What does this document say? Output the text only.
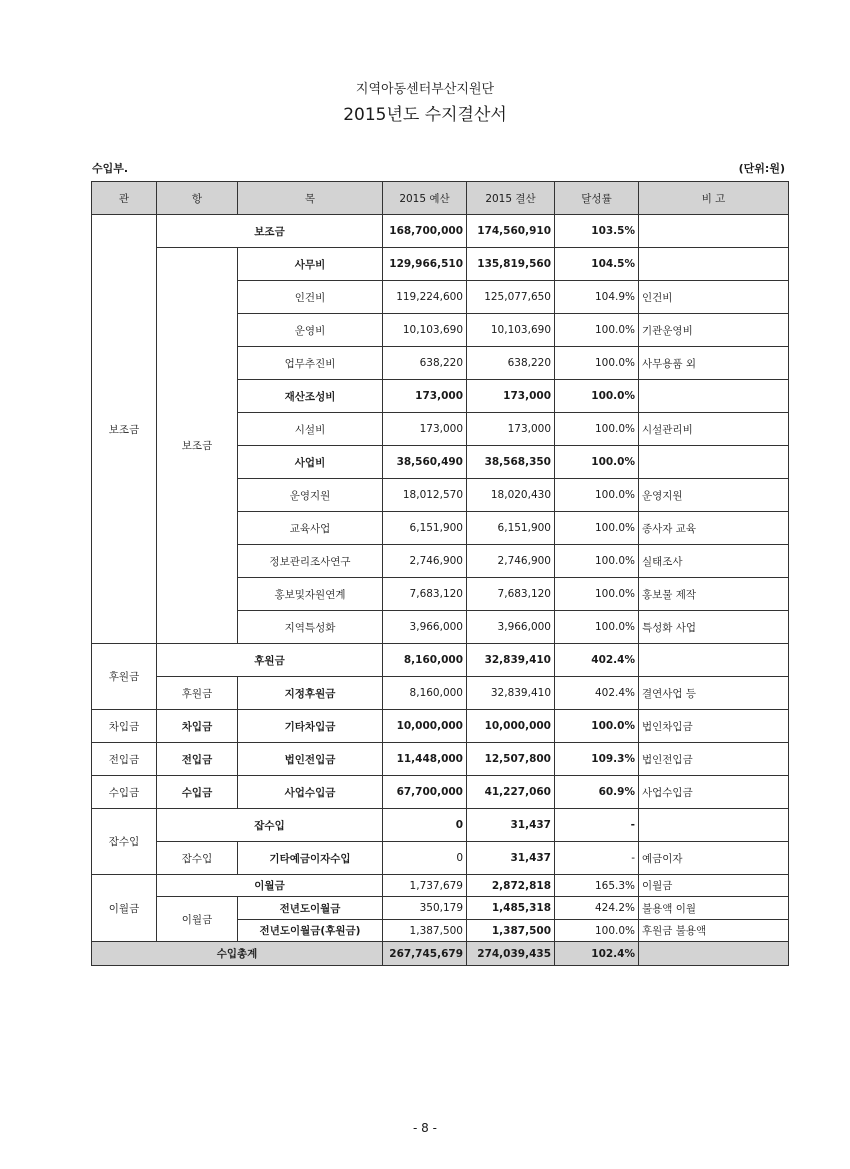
지역아동센터부산지원단
2015년도 수지결산서
수입부.	(단위:원)
관	항	목	2015 예산	2015 결산	달성률	비 고
보조금	보조금		168,700,000	174,560,910	103.5%	
	보조금	사무비	129,966,510	135,819,560	104.5%	
		인건비	119,224,600	125,077,650	104.9%	인건비
		운영비	10,103,690	10,103,690	100.0%	기관운영비
		업무추진비	638,220	638,220	100.0%	사무용품 외
		재산조성비	173,000	173,000	100.0%	
		시설비	173,000	173,000	100.0%	시설관리비
		사업비	38,560,490	38,568,350	100.0%	
		운영지원	18,012,570	18,020,430	100.0%	운영지원
		교육사업	6,151,900	6,151,900	100.0%	종사자 교육
		정보관리조사연구	2,746,900	2,746,900	100.0%	실태조사
		홍보및자원연계	7,683,120	7,683,120	100.0%	홍보물 제작
		지역특성화	3,966,000	3,966,000	100.0%	특성화 사업
후원금	후원금		8,160,000	32,839,410	402.4%	
	후원금	지정후원금	8,160,000	32,839,410	402.4%	결연사업 등
차입금	차입금	기타차입금	10,000,000	10,000,000	100.0%	법인차입금
전입금	전입금	법인전입금	11,448,000	12,507,800	109.3%	법인전입금
수입금	수입금	사업수입금	67,700,000	41,227,060	60.9%	사업수입금
잡수입	잡수입		0	31,437	-	
	잡수입	기타예금이자수입	0	31,437	-	예금이자
이월금	이월금		1,737,679	2,872,818	165.3%	이월금
	이월금	전년도이월금	350,179	1,485,318	424.2%	불용액 이월
		전년도이월금(후원금)	1,387,500	1,387,500	100.0%	후원금 불용액
수입총계			267,745,679	274,039,435	102.4%	
- 8 -
